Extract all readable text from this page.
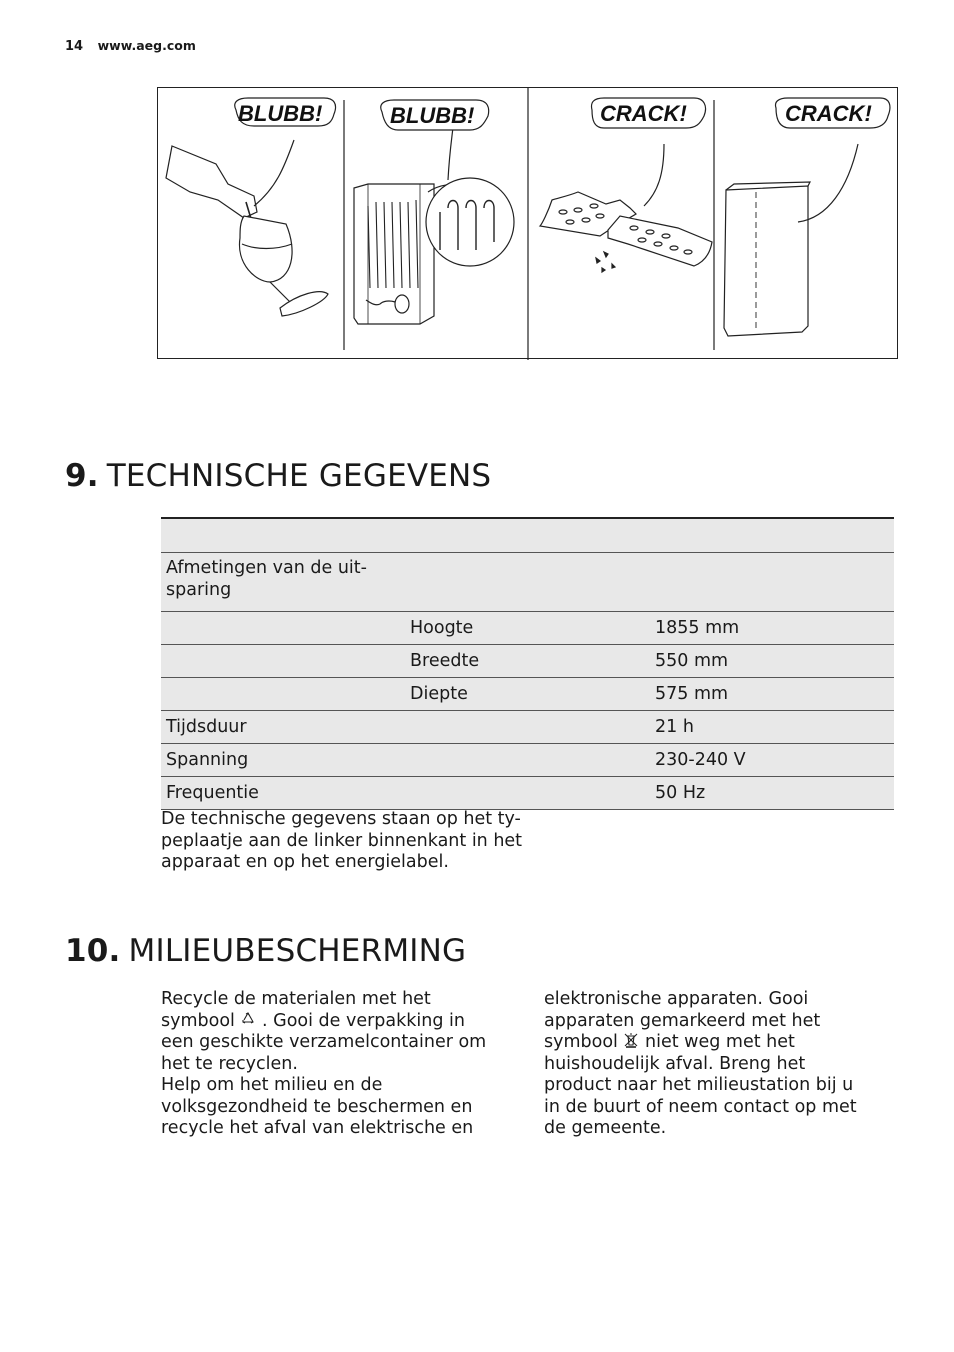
14 www.aeg.com
BLUBB!	BLUBB!	CRACK!	CRACK!
9. TECHNISCHE GEGEVENS

Afmetingen van de uit-
sparing		
	Hoogte	1855 mm
	Breedte	550 mm
	Diepte	575 mm
Tijdsduur		21 h
Spanning		230-240 V
Frequentie		50 Hz
De technische gegevens staan op het ty-
peplaatje aan de linker binnenkant in het
apparaat en op het energielabel.
10. MILIEUBESCHERMING

Recycle de materialen met het
symbool  . Gooi de verpakking in
een geschikte verzamelcontainer om
het te recyclen.
Help om het milieu en de
volksgezondheid te beschermen en
recycle het afval van elektrische en

elektronische apparaten. Gooi
apparaten gemarkeerd met het
symbool  niet weg met het
huishoudelijk afval. Breng het
product naar het milieustation bij u
in de buurt of neem contact op met
de gemeente.
